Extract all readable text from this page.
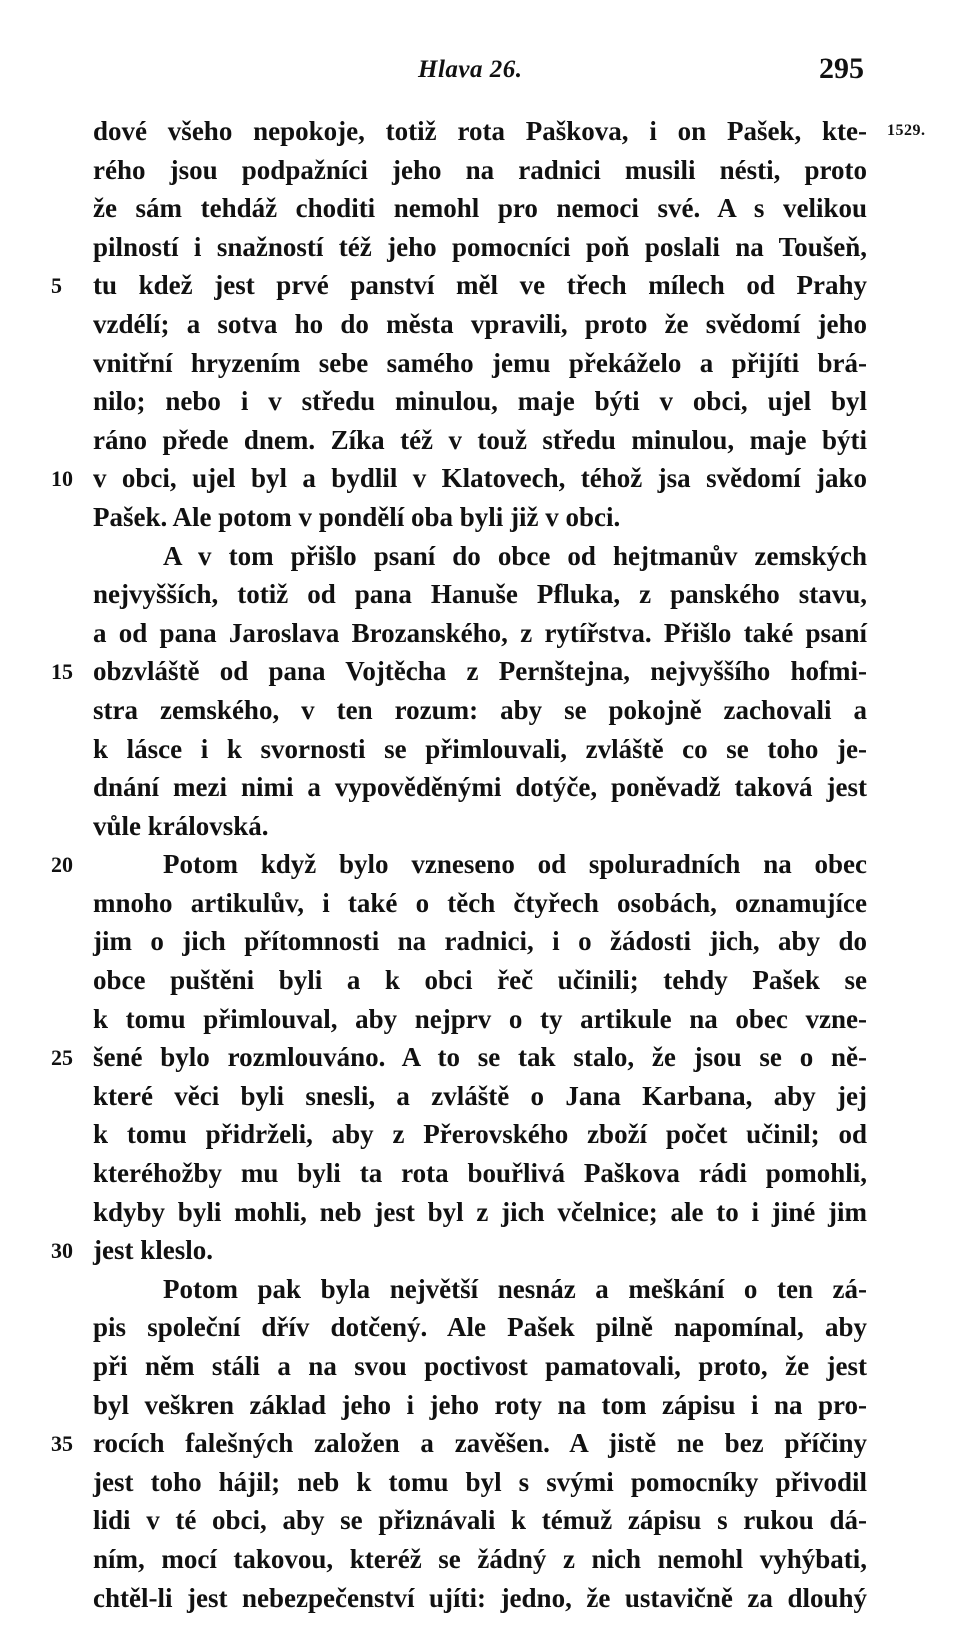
Hlava 26.	295
1529.
dové všeho nepokoje, totiž rota Paškova, i on Pašek, kte-
rého jsou podpažníci jeho na radnici musili nésti, proto
že sám tehdáž choditi nemohl pro nemoci své. A s velikou
pilností i snažností též jeho pomocníci poň poslali na Toušeň,
5	tu kdež jest prvé panství měl ve třech mílech od Prahy
vzdélí; a sotva ho do města vpravili, proto že svědomí jeho
vnitřní hryzením sebe samého jemu překáželo a přijíti brá-
nilo; nebo i v středu minulou, maje býti v obci, ujel byl
ráno přede dnem. Zíka též v touž středu minulou, maje býti
10 v obci, ujel byl a bydlil v Klatovech, téhož jsa svědomí jako
Pašek. Ale potom v pondělí oba byli již v obci.
A v tom přišlo psaní do obce od hejtmanův zemských
nejvyšších, totiž od pana Hanuše Pfluka, z panského stavu,
a od pana Jaroslava Brozanského, z rytířstva. Přišlo také psaní
15 obzvláště od pana Vojtěcha z Pernštejna, nejvyššího hofmi-
stra zemského, v ten rozum: aby se pokojně zachovali a
k lásce i k svornosti se přimlouvali, zvláště co se toho je-
dnání mezi nimi a vypověděnými dotýče, poněvadž taková jest
vůle královská.
20	Potom když bylo vzneseno od spoluradních na obec
mnoho artikulův, i také o těch čtyřech osobách, oznamujíce
jim o jich přítomnosti na radnici, i o žádosti jich, aby do
obce puštěni byli a k obci řeč učinili; tehdy Pašek se
k tomu přimlouval, aby nejprv o ty artikule na obec vzne-
25 šené bylo rozmlouváno. A to se tak stalo, že jsou se o ně-
které věci byli snesli, a zvláště o Jana Karbana, aby jej
k tomu přidrželi, aby z Přerovského zboží počet učinil; od
kteréhožby mu byli ta rota bouřlivá Paškova rádi pomohli,
kdyby byli mohli, neb jest byl z jich včelnice; ale to i jiné jim
30 jest kleslo.
Potom pak byla největší nesnáz a meškání o ten zá-
pis společní dřív dotčený. Ale Pašek pilně napomínal, aby
při něm stáli a na svou poctivost pamatovali, proto, že jest
byl veškren základ jeho i jeho roty na tom zápisu i na pro-
35 rocích falešných založen a zavěšen. A jistě ne bez příčiny
jest toho hájil; neb k tomu byl s svými pomocníky přivodil
lidi v té obci, aby se přiznávali k témuž zápisu s rukou dá-
ním, mocí takovou, kteréž se žádný z nich nemohl vyhýbati,
chtěl-li jest nebezpečenství ujíti: jedno, že ustavičně za dlouhý
